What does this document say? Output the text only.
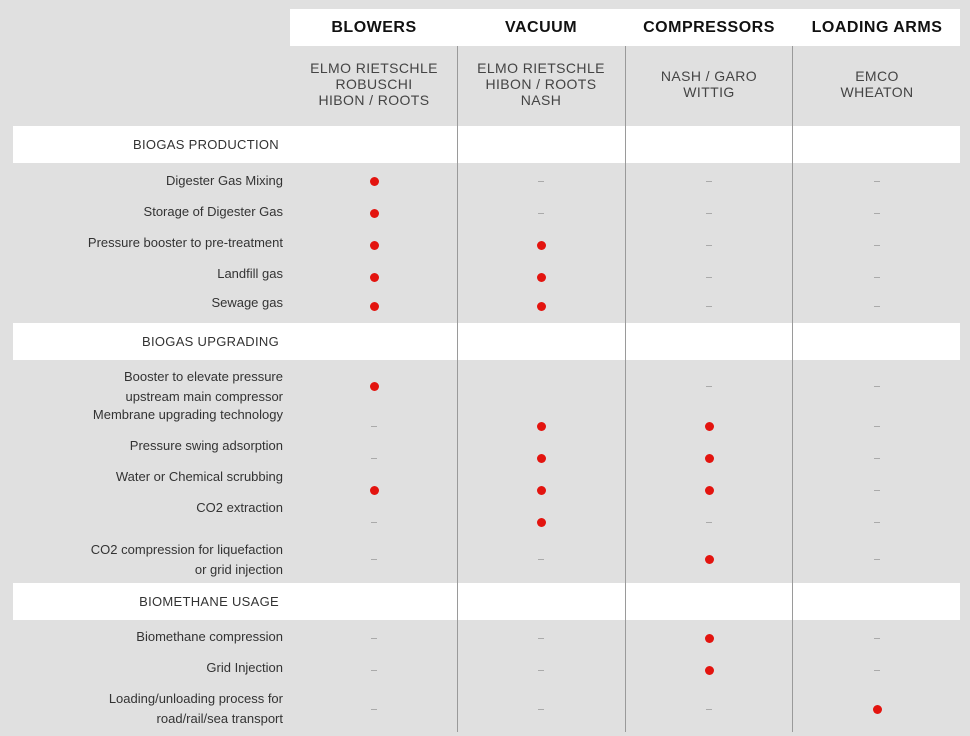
BLOWERS
ELMO RIETSCHLE
ROBUSCHI
HIBON / ROOTS
VACUUM
ELMO RIETSCHLE
HIBON / ROOTS
NASH
COMPRESSORS
NASH / GARO
WITTIG
LOADING ARMS
EMCO
WHEATON
BIOGAS PRODUCTION
Digester Gas Mixing
Storage of Digester Gas
Pressure booster to pre-treatment
Landfill gas
Sewage gas
BIOGAS UPGRADING
Booster to elevate pressure
upstream main compressor
Membrane upgrading technology
Pressure swing adsorption
Water or Chemical scrubbing
CO2 extraction
CO2 compression for liquefaction
or grid injection
BIOMETHANE USAGE
Biomethane compression
Grid Injection
Loading/unloading process for
road/rail/sea transport
